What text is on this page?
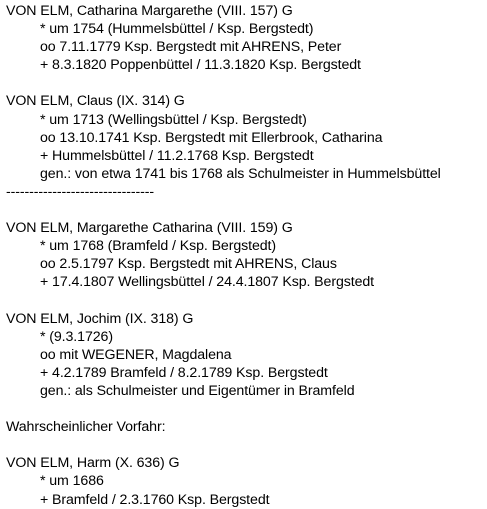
VON ELM, Catharina Margarethe (VIII. 157) G
* um 1754 (Hummelsbüttel / Ksp. Bergstedt)
oo 7.11.1779 Ksp. Bergstedt mit AHRENS, Peter
+ 8.3.1820 Poppenbüttel / 11.3.1820 Ksp. Bergstedt
VON ELM, Claus (IX. 314) G
* um 1713 (Wellingsbüttel / Ksp. Bergstedt)
oo 13.10.1741 Ksp. Bergstedt mit Ellerbrook, Catharina
+ Hummelsbüttel / 11.2.1768 Ksp. Bergstedt
gen.: von etwa 1741 bis 1768 als Schulmeister in Hummelsbüttel
--------------------------------
VON ELM, Margarethe Catharina (VIII. 159) G
* um 1768 (Bramfeld / Ksp. Bergstedt)
oo 2.5.1797 Ksp. Bergstedt mit AHRENS, Claus
+ 17.4.1807 Wellingsbüttel / 24.4.1807 Ksp. Bergstedt
VON ELM, Jochim (IX. 318) G
* (9.3.1726)
oo mit WEGENER, Magdalena
+ 4.2.1789 Bramfeld / 8.2.1789 Ksp. Bergstedt
gen.: als Schulmeister und Eigentümer in Bramfeld
Wahrscheinlicher Vorfahr:
VON ELM, Harm (X. 636) G
* um 1686
+ Bramfeld / 2.3.1760 Ksp. Bergstedt
